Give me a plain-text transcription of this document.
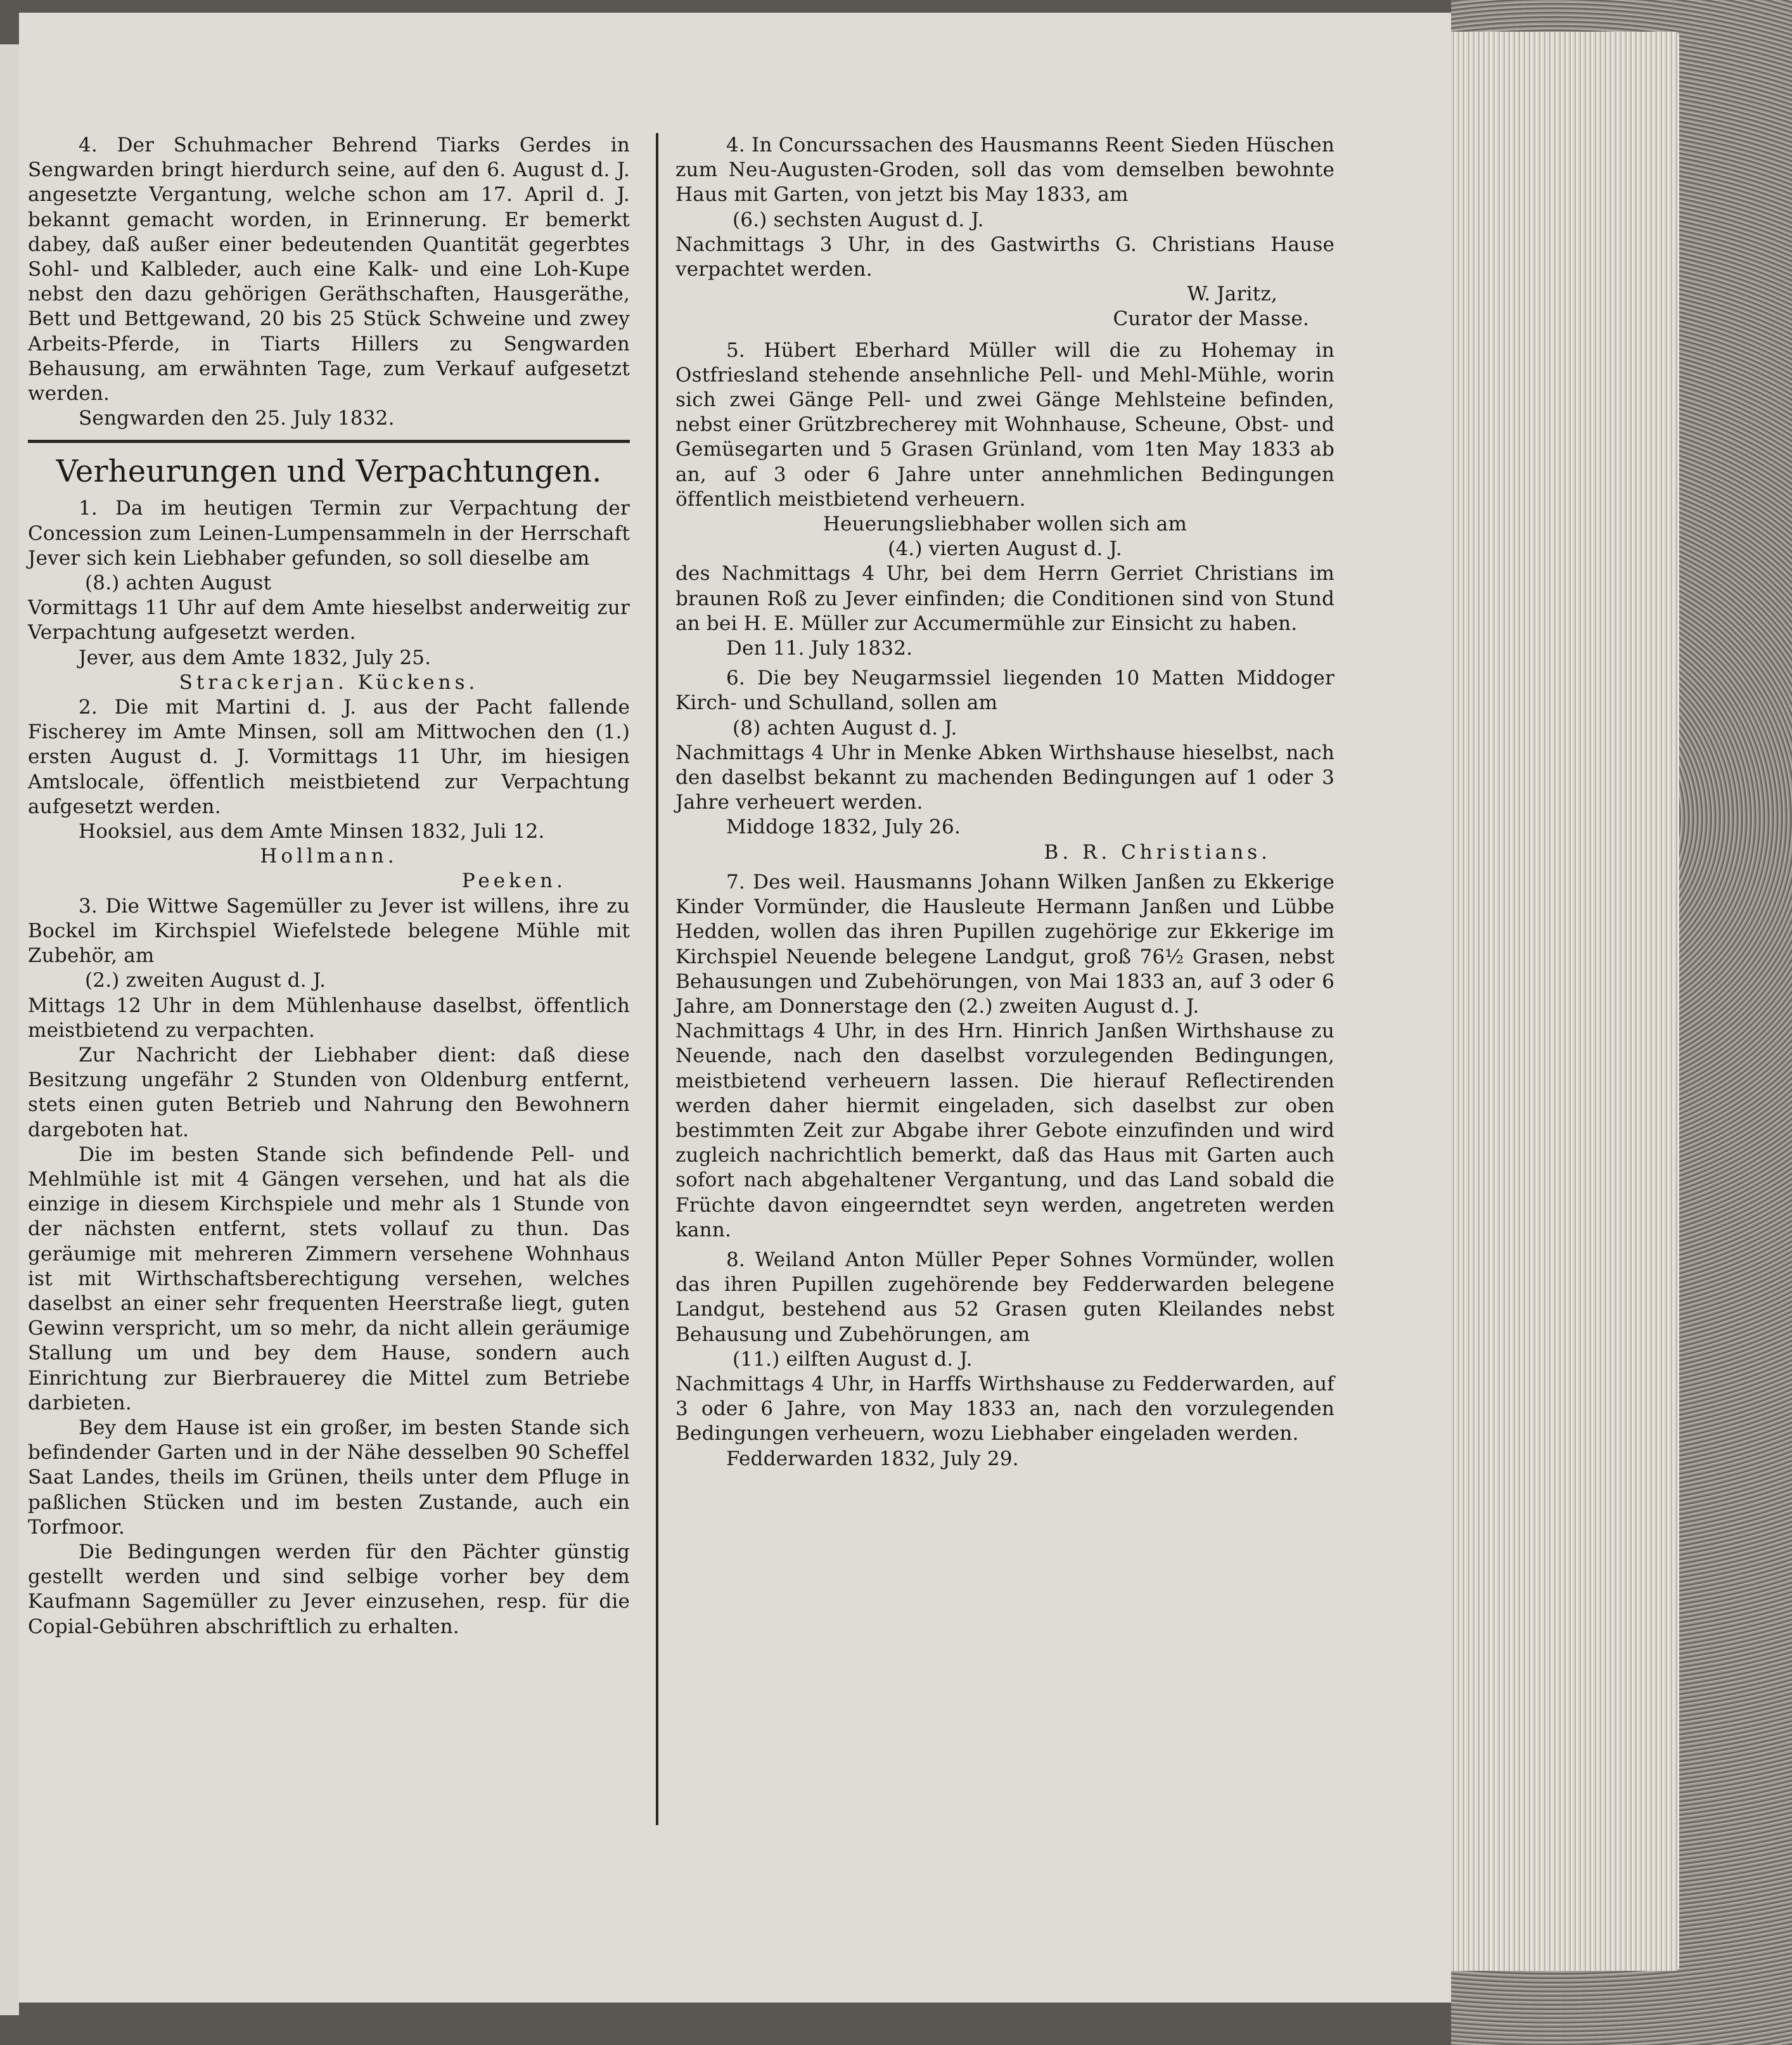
4. Der Schuhmacher Behrend Tiarks Gerdes in Sengwarden bringt hierdurch seine, auf den 6. August d. J. angesetzte Vergantung, welche schon am 17. April d. J. bekannt gemacht worden, in Erinnerung. Er bemerkt dabey, daß außer einer bedeutenden Quantität gegerbtes Sohl- und Kalbleder, auch eine Kalk- und eine Loh-Kupe nebst den dazu gehörigen Geräthschaften, Hausgeräthe, Bett und Bettgewand, 20 bis 25 Stück Schweine und zwey Arbeits-Pferde, in Tiarts Hillers zu Sengwarden Behausung, am erwähnten Tage, zum Verkauf aufgesetzt werden.

Sengwarden den 25. July 1832.

Verheurungen und Verpachtungen.

1. Da im heutigen Termin zur Verpachtung der Concession zum Leinen-Lumpensammeln in der Herrschaft Jever sich kein Liebhaber gefunden, so soll dieselbe am

(8.) achten August

Vormittags 11 Uhr auf dem Amte hieselbst anderweitig zur Verpachtung aufgesetzt werden.

Jever, aus dem Amte 1832, July 25.

Strackerjan. Kückens.

2. Die mit Martini d. J. aus der Pacht fallende Fischerey im Amte Minsen, soll am Mittwochen den (1.) ersten August d. J. Vormittags 11 Uhr, im hiesigen Amtslocale, öffentlich meistbietend zur Verpachtung aufgesetzt werden.

Hooksiel, aus dem Amte Minsen 1832, Juli 12.

Hollmann.

Peeken.

3. Die Wittwe Sagemüller zu Jever ist willens, ihre zu Bockel im Kirchspiel Wiefelstede belegene Mühle mit Zubehör, am

(2.) zweiten August d. J.

Mittags 12 Uhr in dem Mühlenhause daselbst, öffentlich meistbietend zu verpachten.

Zur Nachricht der Liebhaber dient: daß diese Besitzung ungefähr 2 Stunden von Oldenburg entfernt, stets einen guten Betrieb und Nahrung den Bewohnern dargeboten hat.

Die im besten Stande sich befindende Pell- und Mehlmühle ist mit 4 Gängen versehen, und hat als die einzige in diesem Kirchspiele und mehr als 1 Stunde von der nächsten entfernt, stets vollauf zu thun. Das geräumige mit mehreren Zimmern versehene Wohnhaus ist mit Wirthschaftsberechtigung versehen, welches daselbst an einer sehr frequenten Heerstraße liegt, guten Gewinn verspricht, um so mehr, da nicht allein geräumige Stallung um und bey dem Hause, sondern auch Einrichtung zur Bierbrauerey die Mittel zum Betriebe darbieten.

Bey dem Hause ist ein großer, im besten Stande sich befindender Garten und in der Nähe desselben 90 Scheffel Saat Landes, theils im Grünen, theils unter dem Pfluge in paßlichen Stücken und im besten Zustande, auch ein Torfmoor.

Die Bedingungen werden für den Pächter günstig gestellt werden und sind selbige vorher bey dem Kaufmann Sagemüller zu Jever einzusehen, resp. für die Copial-Gebühren abschriftlich zu erhalten.

4. In Concurssachen des Hausmanns Reent Sieden Hüschen zum Neu-Augusten-Groden, soll das vom demselben bewohnte Haus mit Garten, von jetzt bis May 1833, am

(6.) sechsten August d. J.

Nachmittags 3 Uhr, in des Gastwirths G. Christians Hause verpachtet werden.

W. Jaritz,

Curator der Masse.

5. Hübert Eberhard Müller will die zu Hohemay in Ostfriesland stehende ansehnliche Pell- und Mehl-Mühle, worin sich zwei Gänge Pell- und zwei Gänge Mehlsteine befinden, nebst einer Grützbrecherey mit Wohnhause, Scheune, Obst- und Gemüsegarten und 5 Grasen Grünland, vom 1ten May 1833 ab an, auf 3 oder 6 Jahre unter annehmlichen Bedingungen öffentlich meistbietend verheuern.

Heuerungsliebhaber wollen sich am

(4.) vierten August d. J.

des Nachmittags 4 Uhr, bei dem Herrn Gerriet Christians im braunen Roß zu Jever einfinden; die Conditionen sind von Stund an bei H. E. Müller zur Accumermühle zur Einsicht zu haben.

Den 11. July 1832.

6. Die bey Neugarmssiel liegenden 10 Matten Middoger Kirch- und Schulland, sollen am

(8) achten August d. J.

Nachmittags 4 Uhr in Menke Abken Wirthshause hieselbst, nach den daselbst bekannt zu machenden Bedingungen auf 1 oder 3 Jahre verheuert werden.

Middoge 1832, July 26.

B. R. Christians.

7. Des weil. Hausmanns Johann Wilken Janßen zu Ekkerige Kinder Vormünder, die Hausleute Hermann Janßen und Lübbe Hedden, wollen das ihren Pupillen zugehörige zur Ekkerige im Kirchspiel Neuende belegene Landgut, groß 76½ Grasen, nebst Behausungen und Zubehörungen, von Mai 1833 an, auf 3 oder 6 Jahre, am Donnerstage den (2.) zweiten August d. J.

Nachmittags 4 Uhr, in des Hrn. Hinrich Janßen Wirthshause zu Neuende, nach den daselbst vorzulegenden Bedingungen, meistbietend verheuern lassen. Die hierauf Reflectirenden werden daher hiermit eingeladen, sich daselbst zur oben bestimmten Zeit zur Abgabe ihrer Gebote einzufinden und wird zugleich nachrichtlich bemerkt, daß das Haus mit Garten auch sofort nach abgehaltener Vergantung, und das Land sobald die Früchte davon eingeerndtet seyn werden, angetreten werden kann.

8. Weiland Anton Müller Peper Sohnes Vormünder, wollen das ihren Pupillen zugehörende bey Fedderwarden belegene Landgut, bestehend aus 52 Grasen guten Kleilandes nebst Behausung und Zubehörungen, am

(11.) eilften August d. J.

Nachmittags 4 Uhr, in Harffs Wirthshause zu Fedderwarden, auf 3 oder 6 Jahre, von May 1833 an, nach den vorzulegenden Bedingungen verheuern, wozu Liebhaber eingeladen werden.

Fedderwarden 1832, July 29.
